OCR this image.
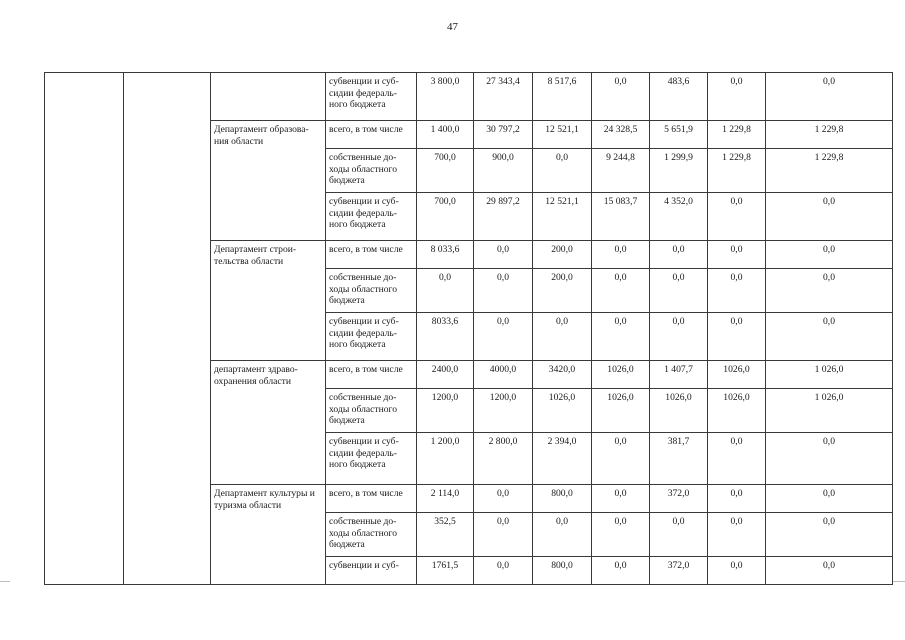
47
			субвенции и суб-сидии федераль-ного бюджета	3 800,0	27 343,4	8 517,6	0,0	483,6	0,0	0,0	
		Департамент образова-ния области	всего, в том числе	1 400,0	30 797,2	12 521,1	24 328,5	5 651,9	1 229,8	1 229,8	
			собственные до-ходы областного бюджета	700,0	900,0	0,0	9 244,8	1 299,9	1 229,8	1 229,8	
			субвенции и суб-сидии федераль-ного бюджета	700,0	29 897,2	12 521,1	15 083,7	4 352,0	0,0	0,0	
		Департамент строи-тельства области	всего, в том числе	8 033,6	0,0	200,0	0,0	0,0	0,0	0,0	
			собственные до-ходы областного бюджета	0,0	0,0	200,0	0,0	0,0	0,0	0,0	
			субвенции и суб-сидии федераль-ного бюджета	8033,6	0,0	0,0	0,0	0,0	0,0	0,0	
		департамент здраво-охранения области	всего, в том числе	2400,0	4000,0	3420,0	1026,0	1 407,7	1026,0	1 026,0	
			собственные до-ходы областного бюджета	1200,0	1200,0	1026,0	1026,0	1026,0	1026,0	1 026,0	
			субвенции и суб-сидии федераль-ного бюджета	1 200,0	2 800,0	2 394,0	0,0	381,7	0,0	0,0	
		Департамент культуры и туризма области	всего, в том числе	2 114,0	0,0	800,0	0,0	372,0	0,0	0,0	
			собственные до-ходы областного бюджета	352,5	0,0	0,0	0,0	0,0	0,0	0,0	
			субвенции и суб-	1761,5	0,0	800,0	0,0	372,0	0,0	0,0	
